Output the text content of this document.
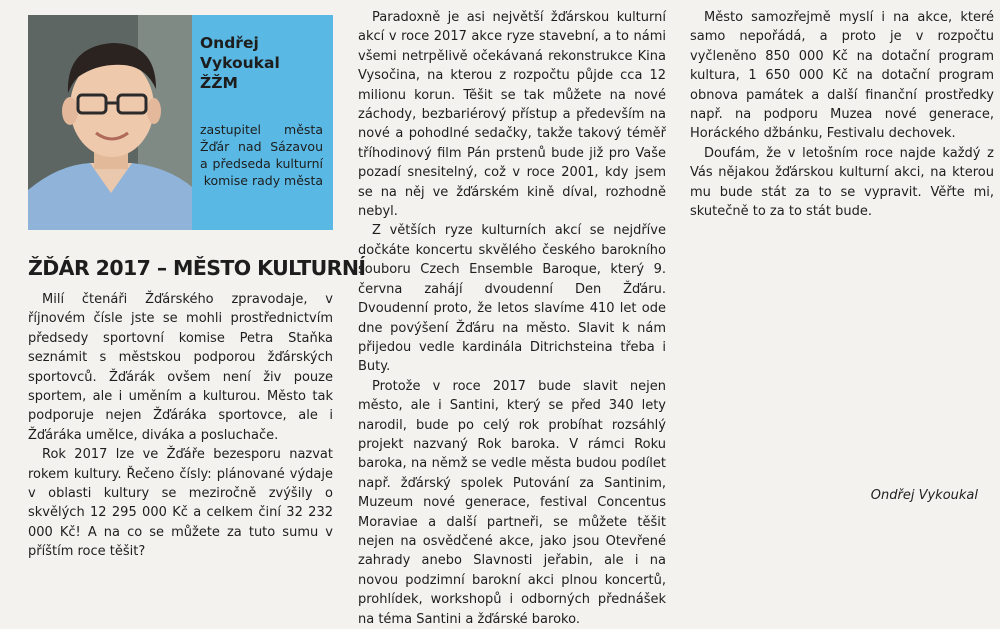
Ondřej
Vykoukal
ŽŽM
zastupitel města Žďár nad Sázavou a předseda kulturní komise rady města
ŽĎÁR 2017 – MĚSTO KULTURNÍ

Milí čtenáři Žďárského zpravodaje, v říjnovém čísle jste se mohli prostřednictvím předsedy sportovní komise Petra Staňka seznámit s městskou podporou žďárských sportovců. Žďárák ovšem není živ pouze sportem, ale i uměním a kulturou. Město tak podporuje nejen Žďáráka sportovce, ale i Žďáráka umělce, diváka a posluchače.

Rok 2017 lze ve Žďáře bezesporu nazvat rokem kultury. Řečeno čísly: plánované výdaje v oblasti kultury se meziročně zvýšily o skvělých 12 295 000 Kč a celkem činí 32 232 000 Kč! A na co se můžete za tuto sumu v příštím roce těšit?

Paradoxně je asi největší žďárskou kulturní akcí v roce 2017 akce ryze stavební, a to námi všemi netrpělivě očekávaná rekonstrukce Kina Vysočina, na kterou z rozpočtu půjde cca 12 milionu korun. Těšit se tak můžete na nové záchody, bezbariérový přístup a především na nové a pohodlné sedačky, takže takový téměř tříhodinový film Pán prstenů bude již pro Vaše pozadí snesitelný, což v roce 2001, kdy jsem se na něj ve žďárském kině díval, rozhodně nebyl.

Z větších ryze kulturních akcí se nejdříve dočkáte koncertu skvělého českého barokního souboru Czech Ensemble Baroque, který 9. června zahájí dvoudenní Den Žďáru. Dvoudenní proto, že letos slavíme 410 let ode dne povýšení Žďáru na město. Slavit k nám přijedou vedle kardinála Ditrichsteina třeba i Buty.

Protože v roce 2017 bude slavit nejen město, ale i Santini, který se před 340 lety narodil, bude po celý rok probíhat rozsáhlý projekt nazvaný Rok baroka. V rámci Roku baroka, na němž se vedle města budou podílet např. žďárský spolek Putování za Santinim, Muzeum nové generace, festival Concentus Moraviae a další partneři, se můžete těšit nejen na osvědčené akce, jako jsou Otevřené zahrady anebo Slavnosti jeřabin, ale i na novou podzimní barokní akci plnou koncertů, prohlídek, workshopů i odborných přednášek na téma Santini a žďárské baroko.

Město samozřejmě myslí i na akce, které samo nepořádá, a proto je v rozpočtu vyčleněno 850 000 Kč na dotační program kultura, 1 650 000 Kč na dotační program obnova památek a další finanční prostředky např. na podporu Muzea nové generace, Horáckého džbánku, Festivalu dechovek.

Doufám, že v letošním roce najde každý z Vás nějakou žďárskou kulturní akci, na kterou mu bude stát za to se vypravit. Věřte mi, skutečně to za to stát bude.

Ondřej Vykoukal
